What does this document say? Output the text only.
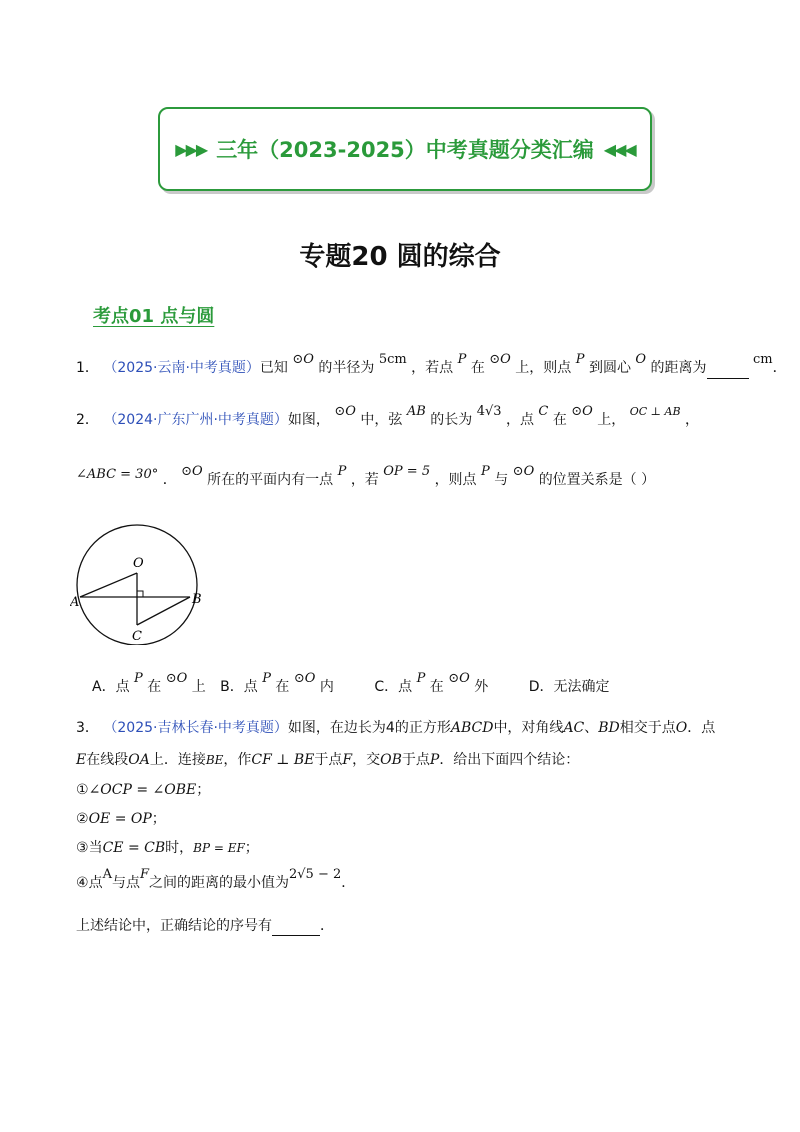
▶▶▶ 三年（2023-2025）中考真题分类汇编 ◀◀◀
专题20 圆的综合
考点01 点与圆
1． （2025·云南·中考真题）已知 ⊙O 的半径为 5cm ，若点 P 在 ⊙O 上，则点 P 到圆心 O 的距离为 cm．
2． （2024·广东广州·中考真题）如图， ⊙O 中，弦 AB 的长为 4√3 ，点 C 在 ⊙O 上， $^{OC \perp AB}$ ，
∠ABC = 30° ． ⊙O 所在的平面内有一点 P ，若 OP = 5 ，则点 P 与 ⊙O 的位置关系是（ ）
O
A	B
C
A．点 P 在 ⊙O 上 B．点 P 在 ⊙O 内	C．点 P 在 ⊙O 外	D．无法确定
3． （2025·吉林长春·中考真题）如图，在边长为4的正方形ABCD中，对角线AC、BD相交于点O．点
E在线段OA上．连接BE，作CF ⊥ BE于点F，交OB于点P．给出下面四个结论：
①∠OCP = ∠OBE；
②OE = OP；
③当CE = CB时，BP = EF；
④点A与点F之间的距离的最小值为2√5 − 2．
上述结论中，正确结论的序号有	．
